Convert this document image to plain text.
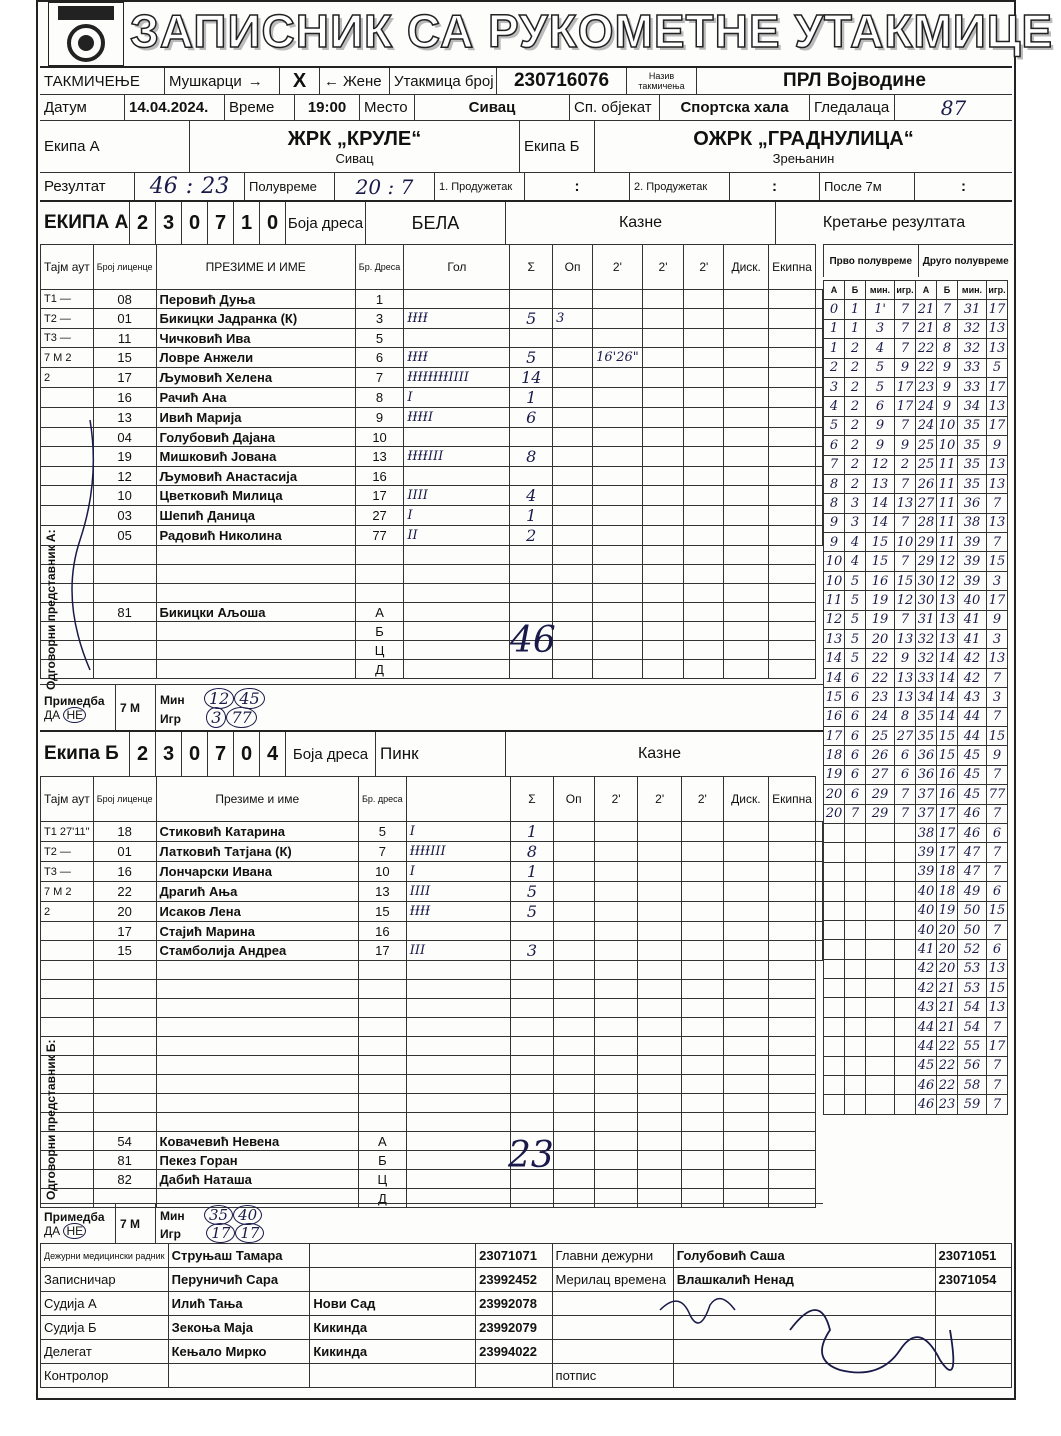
ЗАПИСНИК СА РУКОМЕТНЕ УТАКМИЦЕ
ТАКМИЧЕЊЕ	Мушкарци →	X	← Жене Утакмица број	230716076	Назив такмичења	ПРЛ Војводине
Датум	14.04.2024.	Време	19:00	Место	Сивац	Сп. објекат	Спортска хала	Гледалаца	87
Екипа А	ЖРК „КРУЛЕ“
Сивац
Екипа Б	ОЖРК „ГРАДНУЛИЦА“
Зрењанин
Резултат	46 : 23	Полувреме	20 : 7	1. Продужетак	:	2. Продужетак	:	После 7м	:
ЕКИПА А 2 3 0 7 1 0 Боја дреса	БЕЛА	Казне	Кретање резултата
Тајм аут	Број лиценце	ПРЕЗИМЕ И ИМЕ	Бр. Дреса	Гол	Σ	Оп	2'	2'	2'	Диск.	Екипна	
T1 —	08	Перовић Дуња	1									
T2 —	01	Бикицки Јадранка (К)	3	ƗƗƗƗ	5	3						
T3 —	11	Чичковић Ива	5									
7 M 2	15	Ловре Анжели	6	ƗƗƗƗ	5		16'26"					
2	17	Љумовић Хелена	7	ƗƗƗƗƗƗƗƗIIII	14							
	16	Рачић Ана	8	I	1							
	13	Ивић Марија	9	ƗƗƗƗI	6							
	04	Голубовић Дајана	10									
	19	Мишковић Јована	13	ƗƗƗƗIII	8							
	12	Љумовић Анастасија	16									
	10	Цветковић Милица	17	IIII	4							
	03	Шепић Даница	27	I	1							
	05	Радовић Николина	77	II	2							

	81	Бикицки Аљоша	А									
			Б									
			Ц									
			Д									
Одговорни представник А:	46
Примедба
ДА НЕ	7 M
Мин 12 45
Игр 3 77
Екипа Б 2 3 0 7 0 4 Боја дреса Пинк	Казне
Тајм аут	Број лиценце	Презиме и име	Бр. дреса		Σ	Оп	2'	2'	2'	Диск.	Екипна	
T1 27'11"	18	Стиковић Катарина	5	I	1							
T2 —	01	Латковић Татјана (К)	7	ƗƗƗƗIII	8							
T3 —	16	Лончарски Ивана	10	I	1							
7 M 2	22	Драгић Ања	13	IIII	5							
2	20	Исаков Лена	15	ƗƗƗƗ	5							
	17	Стајић Марина	16									
	15	Стамболија Андреа	17	III	3							

	54	Ковачевић Невена	А									
	81	Пекез Горан	Б									
	82	Дабић Наташа	Ц									
			Д									
Одговорни представник Б:	23
Примедба
ДА НЕ	7 M
Мин 35 40
Игр 17 17
Прво полувреме	Друго полувреме
А	Б	мин.	игр.	А	Б	мин.	игр.
0	1	1'	7	21	7	31	17
1	1	3	7	21	8	32	13
1	2	4	7	22	8	32	13
2	2	5	9	22	9	33	5
3	2	5	17	23	9	33	17
4	2	6	17	24	9	34	13
5	2	9	7	24	10	35	17
6	2	9	9	25	10	35	9
7	2	12	2	25	11	35	13
8	2	13	7	26	11	35	13
8	3	14	13	27	11	36	7
9	3	14	7	28	11	38	13
9	4	15	10	29	11	39	7
10	4	15	7	29	12	39	15
10	5	16	15	30	12	39	3
11	5	19	12	30	13	40	17
12	5	19	7	31	13	41	9
13	5	20	13	32	13	41	3
14	5	22	9	32	14	42	13
14	6	22	13	33	14	42	7
15	6	23	13	34	14	43	3
16	6	24	8	35	14	44	7
17	6	25	27	35	15	44	15
18	6	26	6	36	15	45	9
19	6	27	6	36	16	45	7
20	6	29	7	37	16	45	77
20	7	29	7	37	17	46	7
				38	17	46	6
				39	17	47	7
				39	18	47	7
				40	18	49	6
				40	19	50	15
				40	20	50	7
				41	20	52	6
				42	20	53	13
				42	21	53	15
				43	21	54	13
				44	21	54	7
				44	22	55	17
				45	22	56	7
				46	22	58	7
				46	23	59	7
Дежурни медицински радник	Струњаш Тамара		23071071	Главни дежурни	Голубовић Саша	23071051
Записничар	Перуничић Сара		23992452	Мерилац времена	Влашкалић Ненад	23071054
Судија А	Илић Тања	Нови Сад	23992078			
Судија Б	Зекоња Маја	Кикинда	23992079			
Делегат	Кењало Мирко	Кикинда	23994022			
Контролор				потпис		
